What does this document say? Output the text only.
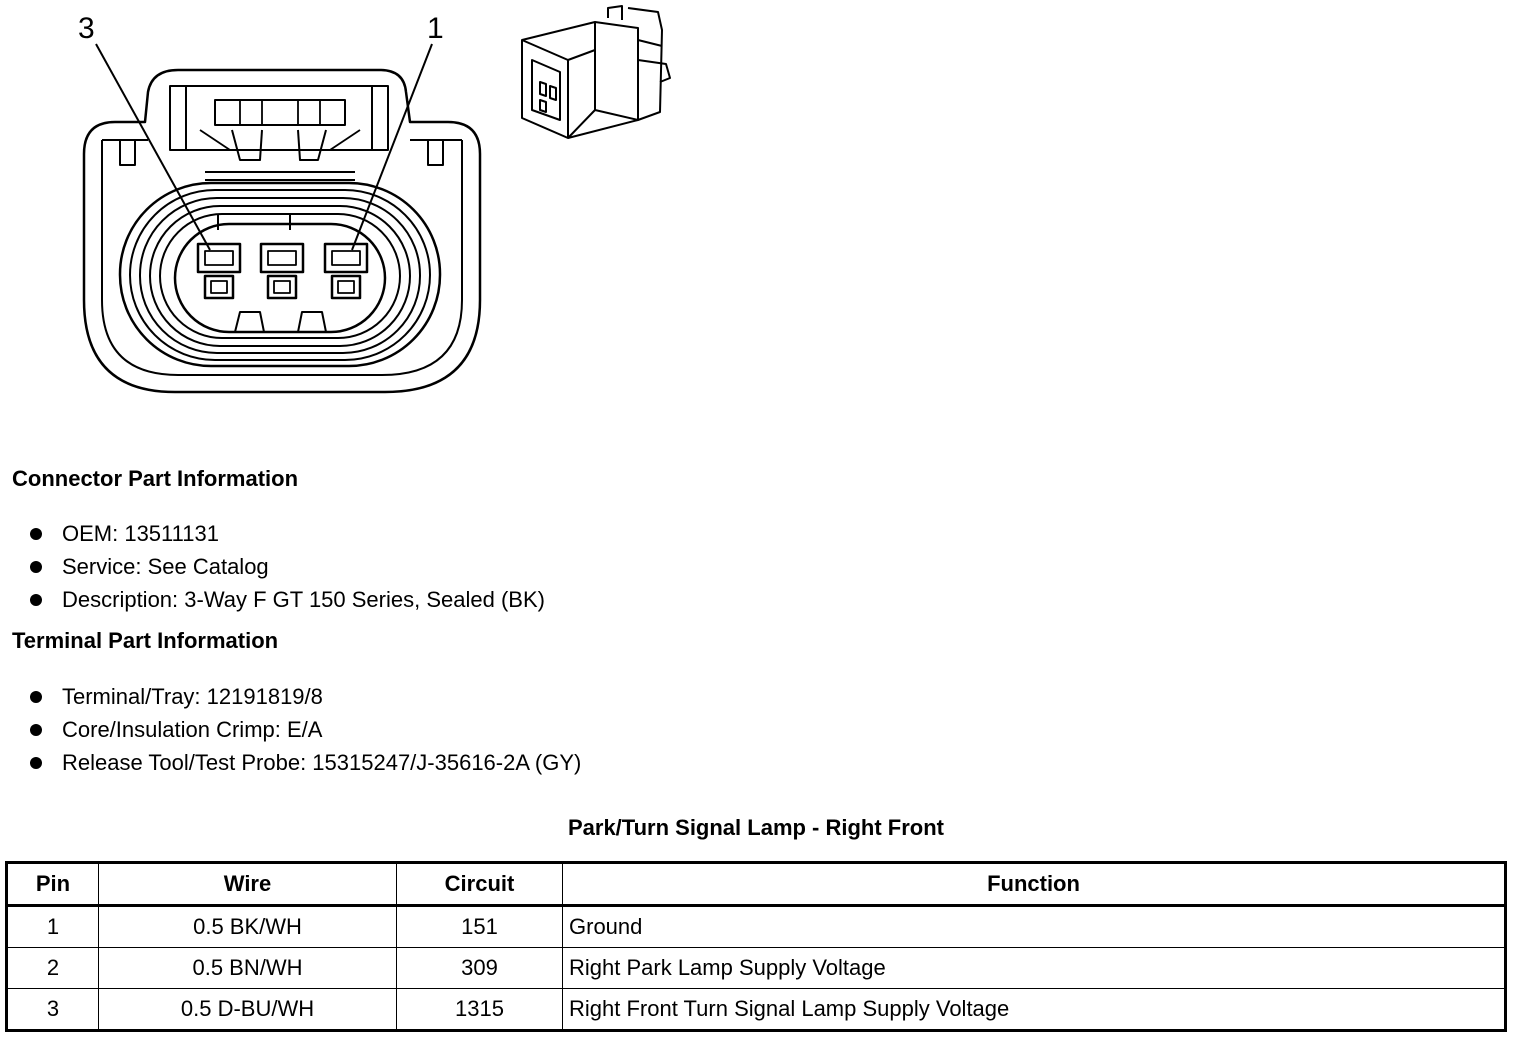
3	1
Connector Part Information
OEM: 13511131
Service: See Catalog
Description: 3-Way F GT 150 Series, Sealed (BK)
Terminal Part Information
Terminal/Tray: 12191819/8
Core/Insulation Crimp: E/A
Release Tool/Test Probe: 15315247/J-35616-2A (GY)
Park/Turn Signal Lamp - Right Front
Pin	Wire	Circuit	Function
1	0.5 BK/WH	151	Ground
2	0.5 BN/WH	309	Right Park Lamp Supply Voltage
3	0.5 D-BU/WH	1315	Right Front Turn Signal Lamp Supply Voltage
